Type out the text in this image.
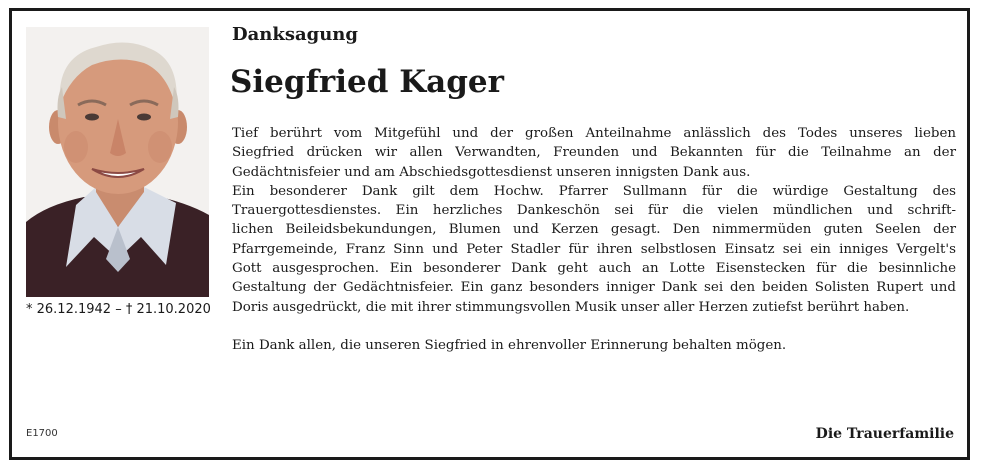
* 26.12.1942 – † 21.10.2020
Danksagung
Siegfried Kager
Tief berührt vom Mitgefühl und der großen Anteilnahme anlässlich des Todes unseres lieben
Siegfried drücken wir allen Verwandten, Freunden und Bekannten für die Teilnahme an der
Gedächtnisfeier und am Abschiedsgottesdienst unseren innigsten Dank aus.
Ein besonderer Dank gilt dem Hochw. Pfarrer Sullmann für die würdige Gestaltung des
Trauergottesdienstes. Ein herzliches Dankeschön sei für die vielen mündlichen und schrift-
lichen Beileidsbekundungen, Blumen und Kerzen gesagt. Den nimmermüden guten Seelen der
Pfarrgemeinde, Franz Sinn und Peter Stadler für ihren selbstlosen Einsatz sei ein inniges Vergelt's
Gott ausgesprochen. Ein besonderer Dank geht auch an Lotte Eisenstecken für die besinnliche
Gestaltung der Gedächtnisfeier. Ein ganz besonders inniger Dank sei den beiden Solisten Rupert und
Doris ausgedrückt, die mit ihrer stimmungsvollen Musik unser aller Herzen zutiefst berührt haben.
Ein Dank allen, die unseren Siegfried in ehrenvoller Erinnerung behalten mögen.
E1700	Die Trauerfamilie
